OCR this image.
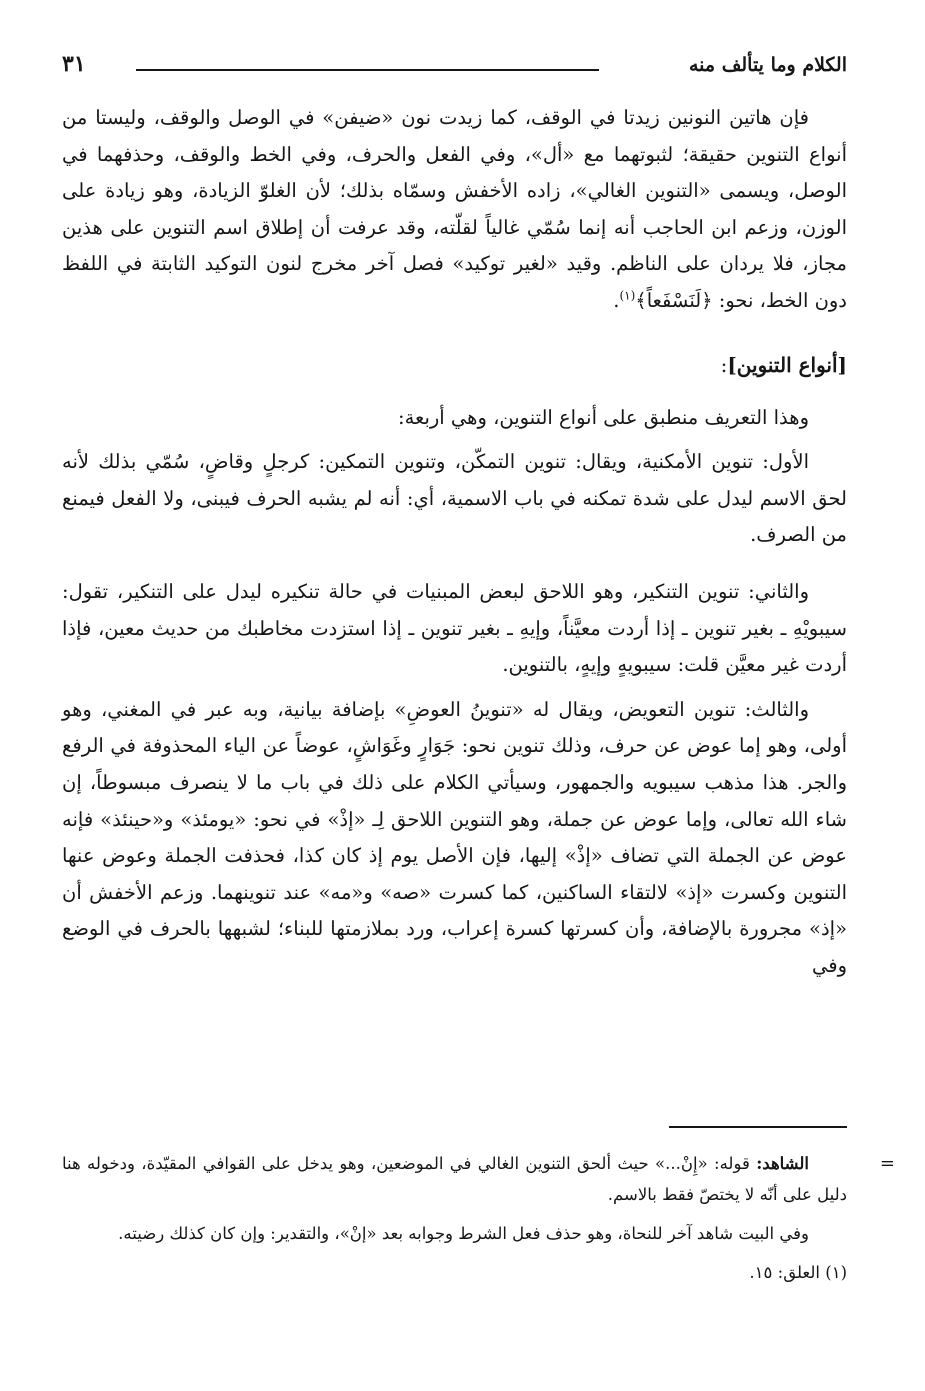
الكلام وما يتألف منه
٣١

فإن هاتين النونين زيدتا في الوقف، كما زيدت نون «ضيفن» في الوصل والوقف، وليستا من أنواع التنوين حقيقة؛ لثبوتهما مع «أل»، وفي الفعل والحرف، وفي الخط والوقف، وحذفهما في الوصل، ويسمى «التنوين الغالي»، زاده الأخفش وسمّاه بذلك؛ لأن الغلوّ الزيادة، وهو زيادة على الوزن، وزعم ابن الحاجب أنه إنما سُمّي غالياً لقلّته، وقد عرفت أن إطلاق اسم التنوين على هذين مجاز، فلا يردان على الناظم. وقيد «لغير توكيد» فصل آخر مخرج لنون التوكيد الثابتة في اللفظ دون الخط، نحو: ﴿لَنَسْفَعاً﴾$^{(١)}$.

[أنواع التنوين]:

وهذا التعريف منطبق على أنواع التنوين، وهي أربعة:

الأول: تنوين الأمكنية، ويقال: تنوين التمكّن، وتنوين التمكين: كرجلٍ وقاضٍ، سُمّي بذلك لأنه لحق الاسم ليدل على شدة تمكنه في باب الاسمية، أي: أنه لم يشبه الحرف فيبنى، ولا الفعل فيمنع من الصرف.

والثاني: تنوين التنكير، وهو اللاحق لبعض المبنيات في حالة تنكيره ليدل على التنكير، تقول: سيبويْهِ ـ بغير تنوين ـ إذا أردت معيَّناً، وإيهِ ـ بغير تنوين ـ إذا استزدت مخاطبك من حديث معين، فإذا أردت غير معيَّن قلت: سيبويهٍ وإيهٍ، بالتنوين.

والثالث: تنوين التعويض، ويقال له «تنوينُ العوضِ» بإضافة بيانية، وبه عبر في المغني، وهو أولى، وهو إما عوض عن حرف، وذلك تنوين نحو: جَوَارٍ وغَوَاشٍ، عوضاً عن الياء المحذوفة في الرفع والجر. هذا مذهب سيبويه والجمهور، وسيأتي الكلام على ذلك في باب ما لا ينصرف مبسوطاً، إن شاء الله تعالى، وإما عوض عن جملة، وهو التنوين اللاحق لِـ «إذْ» في نحو: «يومئذ» و«حينئذ» فإنه عوض عن الجملة التي تضاف «إذْ» إليها، فإن الأصل يوم إذ كان كذا، فحذفت الجملة وعوض عنها التنوين وكسرت «إذ» لالتقاء الساكنين، كما كسرت «صه» و«مه» عند تنوينهما. وزعم الأخفش أن «إذ» مجرورة بالإضافة، وأن كسرتها كسرة إعراب، ورد بملازمتها للبناء؛ لشبهها بالحرف في الوضع وفي

=
الشاهد: قوله: «إِنْ...» حيث ألحق التنوين الغالي في الموضعين، وهو يدخل على القوافي المقيّدة، ودخوله هنا دليل على أنّه لا يختصّ فقط بالاسم.

وفي البيت شاهد آخر للنحاة، وهو حذف فعل الشرط وجوابه بعد «إنْ»، والتقدير: وإن كان كذلك رضيته.

(١) العلق: ١٥.
